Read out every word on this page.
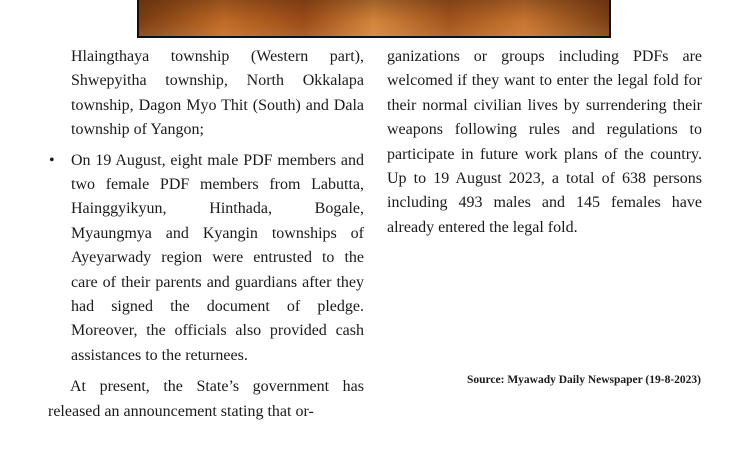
Hlaingthaya township (Western part), Shwepyitha township, North Okkalapa township, Dagon Myo Thit (South) and Dala township of Yangon;

• On 19 August, eight male PDF members and two female PDF members from Labutta, Hainggyikyun, Hinthada, Bogale, Myaungmya and Kyangin townships of Ayeyarwady region were entrusted to the care of their parents and guardians after they had signed the document of pledge. Moreover, the officials also provided cash assistances to the returnees.

At present, the State’s government has released an announcement stating that or-

ganizations or groups including PDFs are welcomed if they want to enter the legal fold for their normal civilian lives by surrendering their weapons following rules and regulations to participate in future work plans of the country. Up to 19 August 2023, a total of 638 persons including 493 males and 145 females have already entered the legal fold.

Source: Myawady Daily Newspaper (19-8-2023)
